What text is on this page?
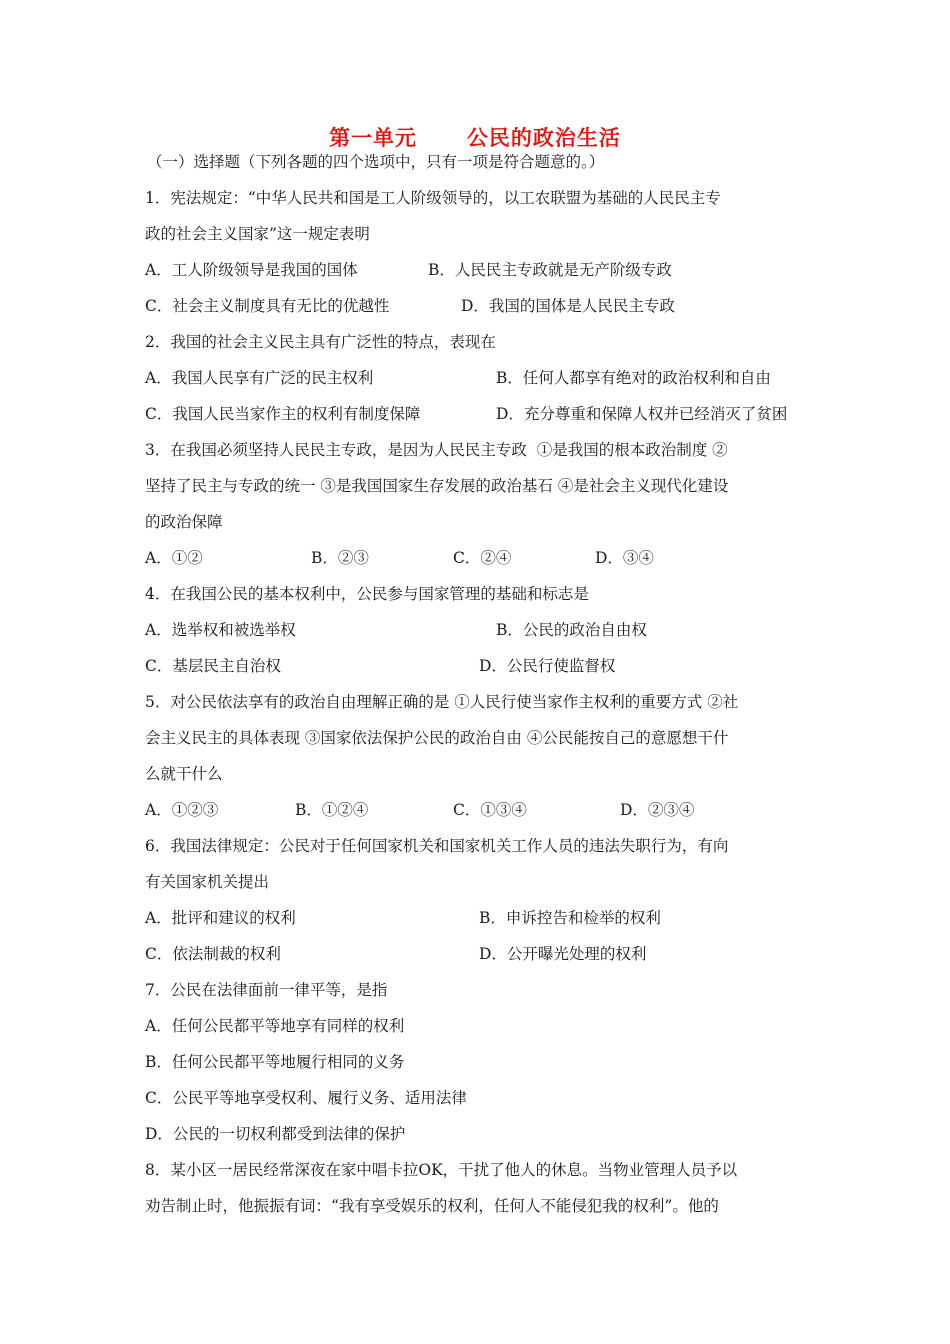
第一单元      公民的政治生活
（一）选择题（下列各题的四个选项中，只有一项是符合题意的。）
1．宪法规定：“中华人民共和国是工人阶级领导的，以工农联盟为基础的人民民主专
政的社会主义国家”这一规定表明
A．工人阶级领导是我国的国体	B．人民民主专政就是无产阶级专政
C．社会主义制度具有无比的优越性	D．我国的国体是人民民主专政
2．我国的社会主义民主具有广泛性的特点，表现在
A．我国人民享有广泛的民主权利	B．任何人都享有绝对的政治权利和自由
C．我国人民当家作主的权利有制度保障	D．充分尊重和保障人权并已经消灭了贫困
3．在我国必须坚持人民民主专政，是因为人民民主专政  ①是我国的根本政治制度 ②
坚持了民主与专政的统一 ③是我国国家生存发展的政治基石 ④是社会主义现代化建设
的政治保障
A．①②	B．②③	C．②④	D．③④
4．在我国公民的基本权利中，公民参与国家管理的基础和标志是
A．选举权和被选举权	B．公民的政治自由权
C．基层民主自治权	D．公民行使监督权
5．对公民依法享有的政治自由理解正确的是 ①人民行使当家作主权利的重要方式 ②社
会主义民主的具体表现 ③国家依法保护公民的政治自由 ④公民能按自己的意愿想干什
么就干什么
A．①②③	B．①②④	C．①③④	D．②③④
6．我国法律规定：公民对于任何国家机关和国家机关工作人员的违法失职行为，有向
有关国家机关提出
A．批评和建议的权利	B．申诉控告和检举的权利
C．依法制裁的权利	D．公开曝光处理的权利
7．公民在法律面前一律平等，是指
A．任何公民都平等地享有同样的权利
B．任何公民都平等地履行相同的义务
C．公民平等地享受权利、履行义务、适用法律
D．公民的一切权利都受到法律的保护
8．某小区一居民经常深夜在家中唱卡拉OK，干扰了他人的休息。当物业管理人员予以
劝告制止时，他振振有词：“我有享受娱乐的权利，任何人不能侵犯我的权利”。他的
